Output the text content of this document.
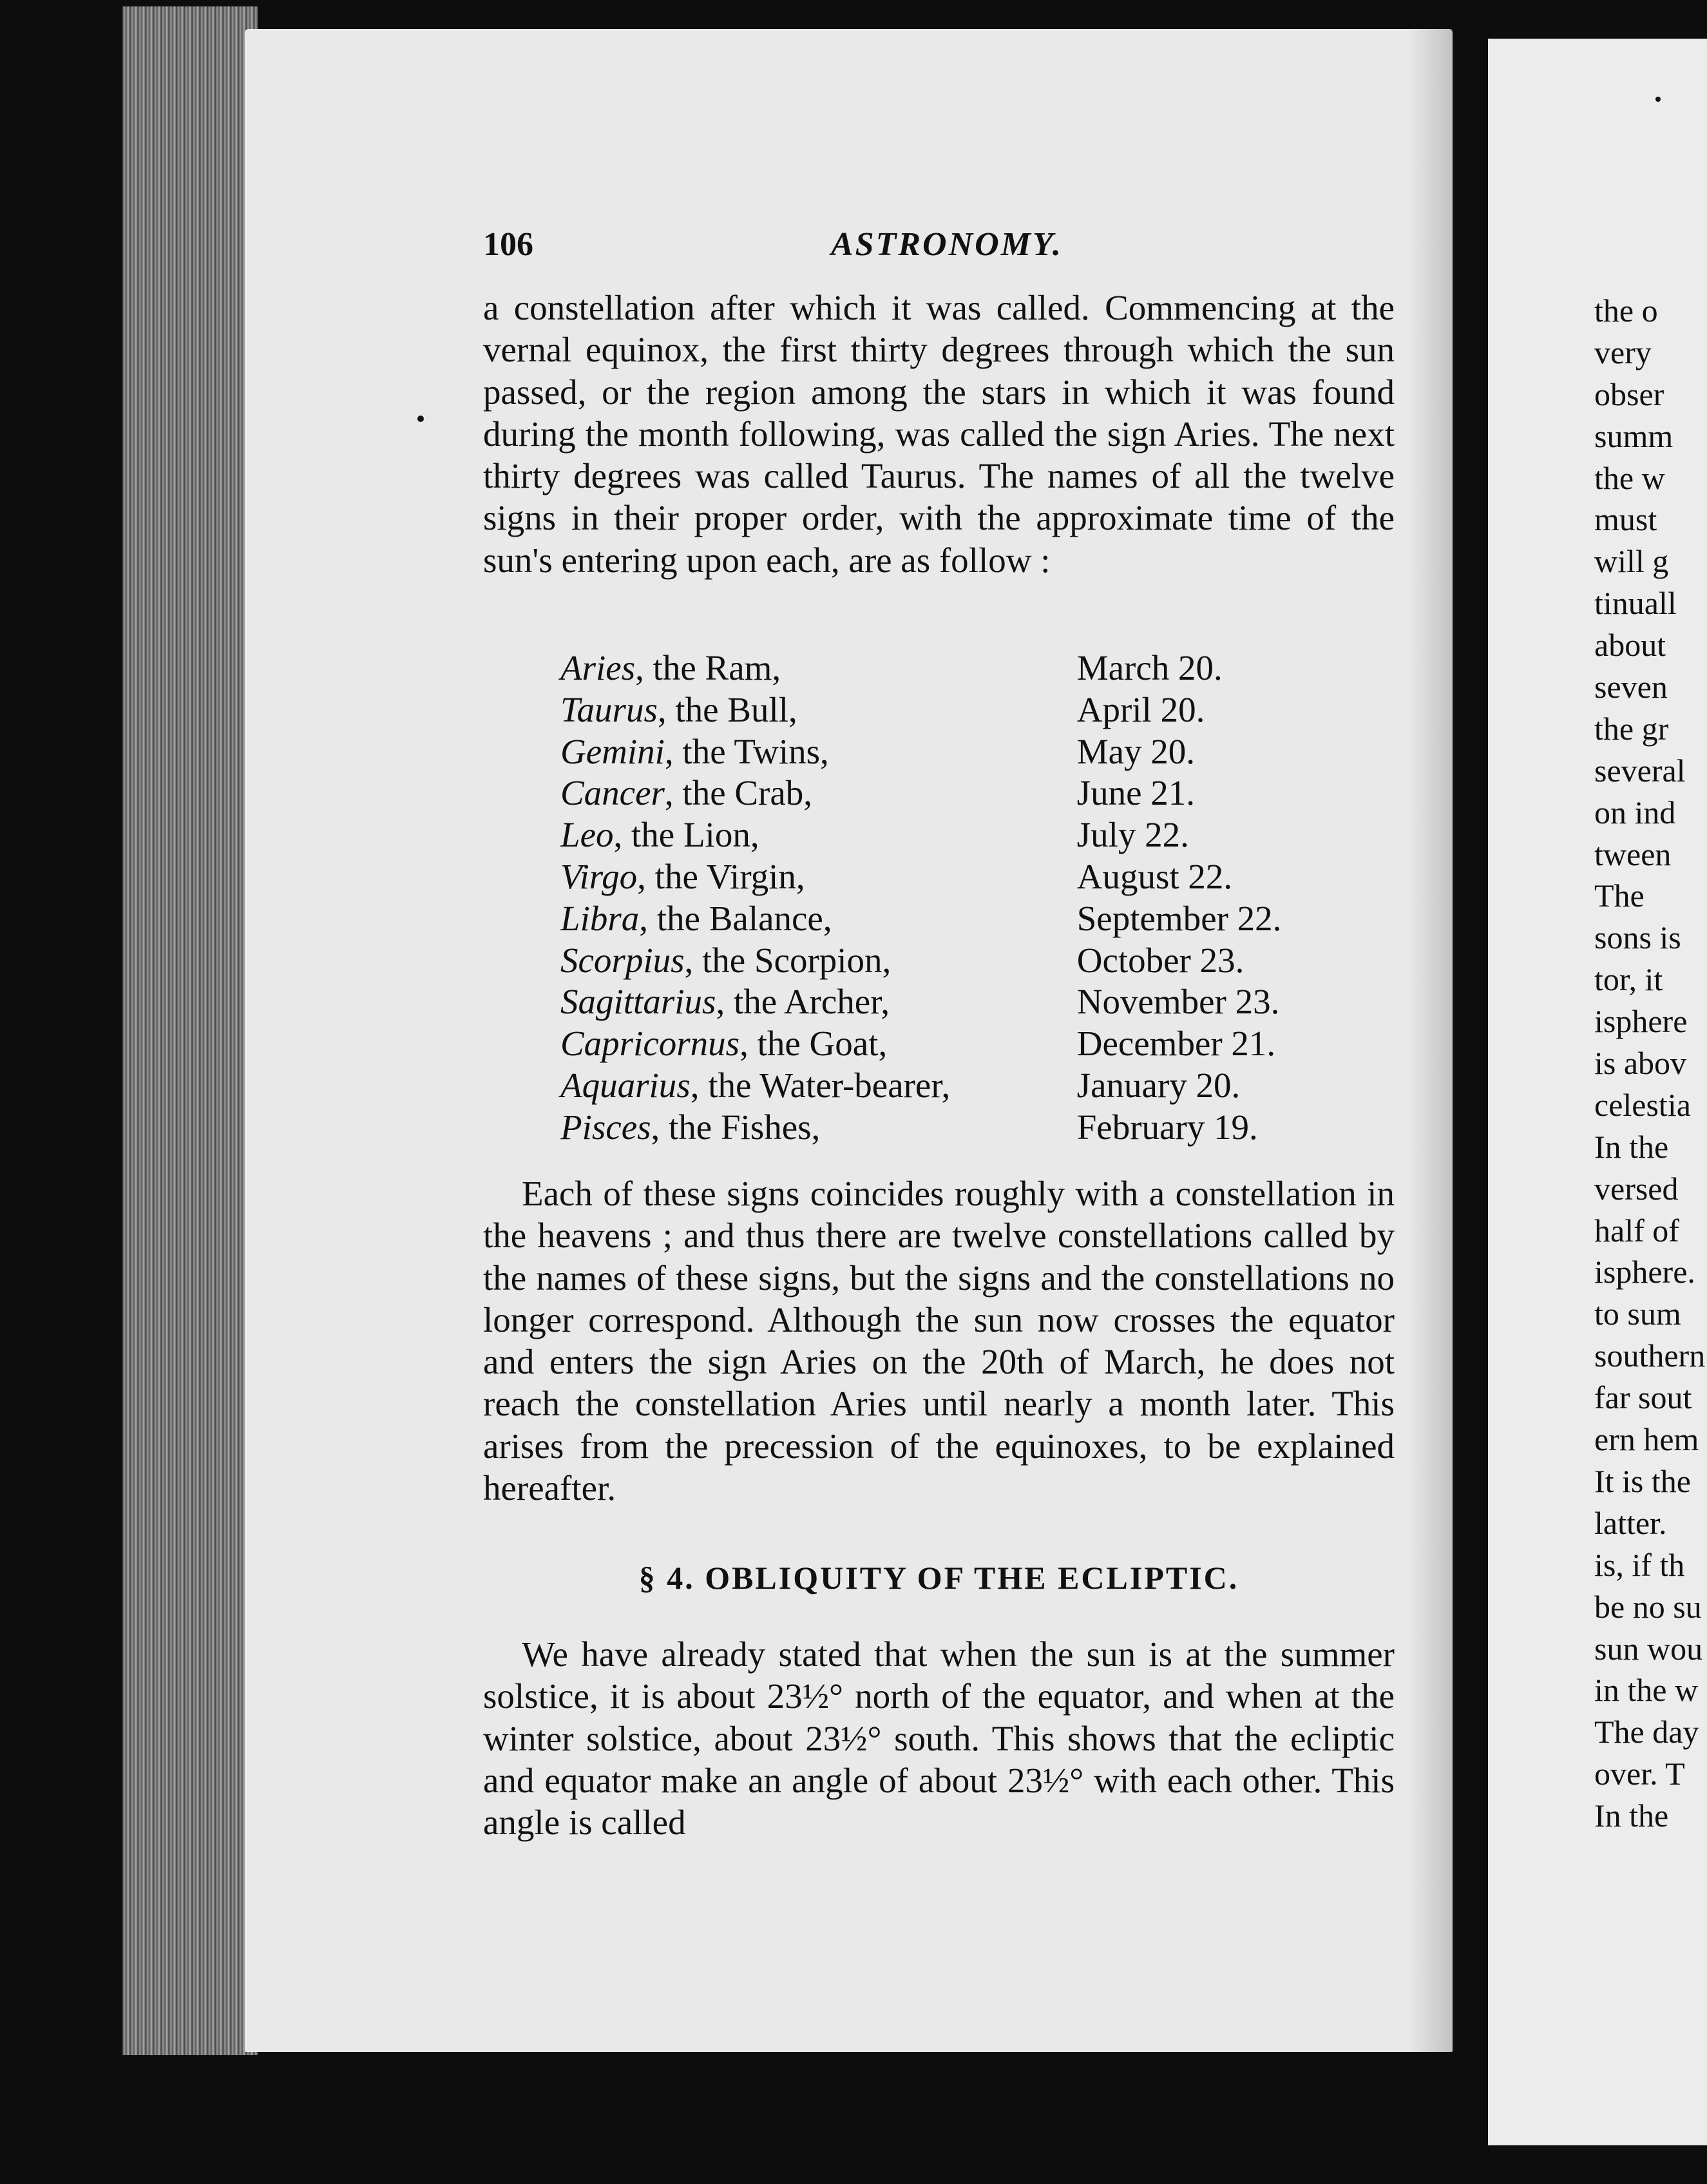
the o
very
obser
summ
the w
must
will g
tinuall
about
seven
the gr
several
on ind
tween
The
sons is
tor, it
isphere
is abov
celestia
In the
versed
half of
isphere.
to sum
southern
far sout
ern hem
It is the
latter.
is, if th
be no su
sun wou
in the w
The day
over. T
In the
106	ASTRONOMY.

a constellation after which it was called. Commencing at the vernal equinox, the first thirty degrees through which the sun passed, or the region among the stars in which it was found during the month following, was called the sign Aries. The next thirty degrees was called Taurus. The names of all the twelve signs in their proper order, with the approximate time of the sun's entering upon each, are as follow :

Aries, the Ram,	March 20.
Taurus, the Bull,	April 20.
Gemini, the Twins,	May 20.
Cancer, the Crab,	June 21.
Leo, the Lion,	July 22.
Virgo, the Virgin,	August 22.
Libra, the Balance,	September 22.
Scorpius, the Scorpion,	October 23.
Sagittarius, the Archer,	November 23.
Capricornus, the Goat,	December 21.
Aquarius, the Water-bearer,	January 20.
Pisces, the Fishes,	February 19.

Each of these signs coincides roughly with a constellation in the heavens ; and thus there are twelve constellations called by the names of these signs, but the signs and the constellations no longer correspond. Although the sun now crosses the equator and enters the sign Aries on the 20th of March, he does not reach the constellation Aries until nearly a month later. This arises from the precession of the equinoxes, to be explained hereafter.

§ 4. OBLIQUITY OF THE ECLIPTIC.

We have already stated that when the sun is at the summer solstice, it is about 23½° north of the equator, and when at the winter solstice, about 23½° south. This shows that the ecliptic and equator make an angle of about 23½° with each other. This angle is called
